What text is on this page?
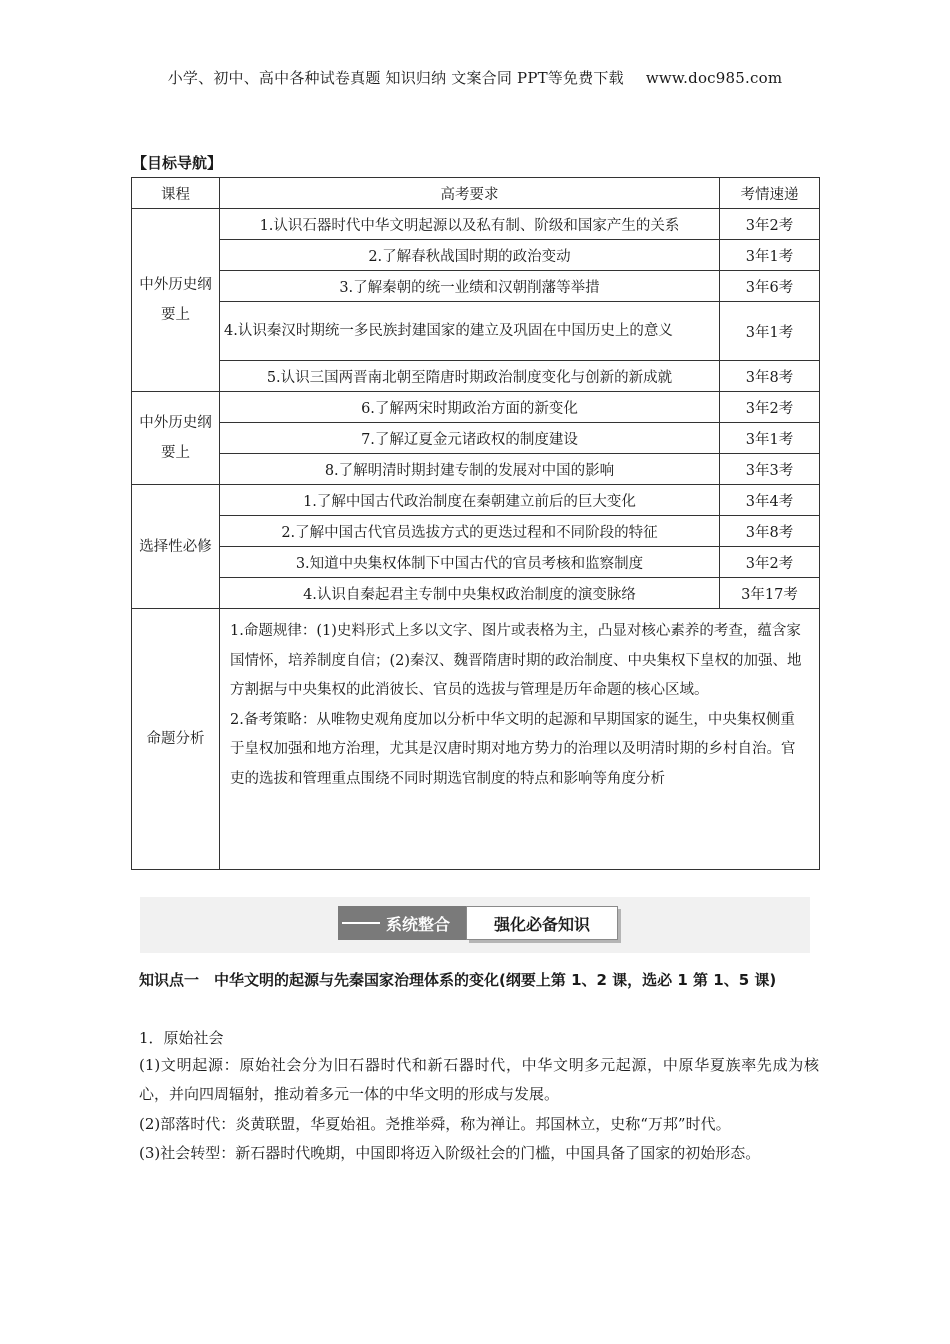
小学、初中、高中各种试卷真题 知识归纳 文案合同 PPT等免费下载 www.doc985.com
【目标导航】
课程	高考要求	考情速递
中外历史纲要上	1.认识石器时代中华文明起源以及私有制、阶级和国家产生的关系	3年2考
	2.了解春秋战国时期的政治变动	3年1考
	3.了解秦朝的统一业绩和汉朝削藩等举措	3年6考
	4.认识秦汉时期统一多民族封建国家的建立及巩固在中国历史上的意义	3年1考
	5.认识三国两晋南北朝至隋唐时期政治制度变化与创新的新成就	3年8考
中外历史纲要上	6.了解两宋时期政治方面的新变化	3年2考
	7.了解辽夏金元诸政权的制度建设	3年1考
	8.了解明清时期封建专制的发展对中国的影响	3年3考
选择性必修	1.了解中国古代政治制度在秦朝建立前后的巨大变化	3年4考
	2.了解中国古代官员选拔方式的更迭过程和不同阶段的特征	3年8考
	3.知道中央集权体制下中国古代的官员考核和监察制度	3年2考
	4.认识自秦起君主专制中央集权政治制度的演变脉络	3年17考
命题分析	1.命题规律：(1)史料形式上多以文字、图片或表格为主，凸显对核心素养的考查，蕴含家国情怀，培养制度自信；(2)秦汉、魏晋隋唐时期的政治制度、中央集权下皇权的加强、地方割据与中央集权的此消彼长、官员的选拔与管理是历年命题的核心区域。
2.备考策略：从唯物史观角度加以分析中华文明的起源和早期国家的诞生，中央集权侧重于皇权加强和地方治理，尤其是汉唐时期对地方势力的治理以及明清时期的乡村自治。官吏的选拔和管理重点围绕不同时期选官制度的特点和影响等角度分析	
系统整合	强化必备知识
知识点一　中华文明的起源与先秦国家治理体系的变化(纲要上第 1、2 课，选必 1 第 1、5 课)
1．原始社会
(1)文明起源：原始社会分为旧石器时代和新石器时代，中华文明多元起源，中原华夏族率先成为核心，并向四周辐射，推动着多元一体的中华文明的形成与发展。
(2)部落时代：炎黄联盟，华夏始祖。尧推举舜，称为禅让。邦国林立，史称“万邦”时代。
(3)社会转型：新石器时代晚期，中国即将迈入阶级社会的门槛，中国具备了国家的初始形态。
